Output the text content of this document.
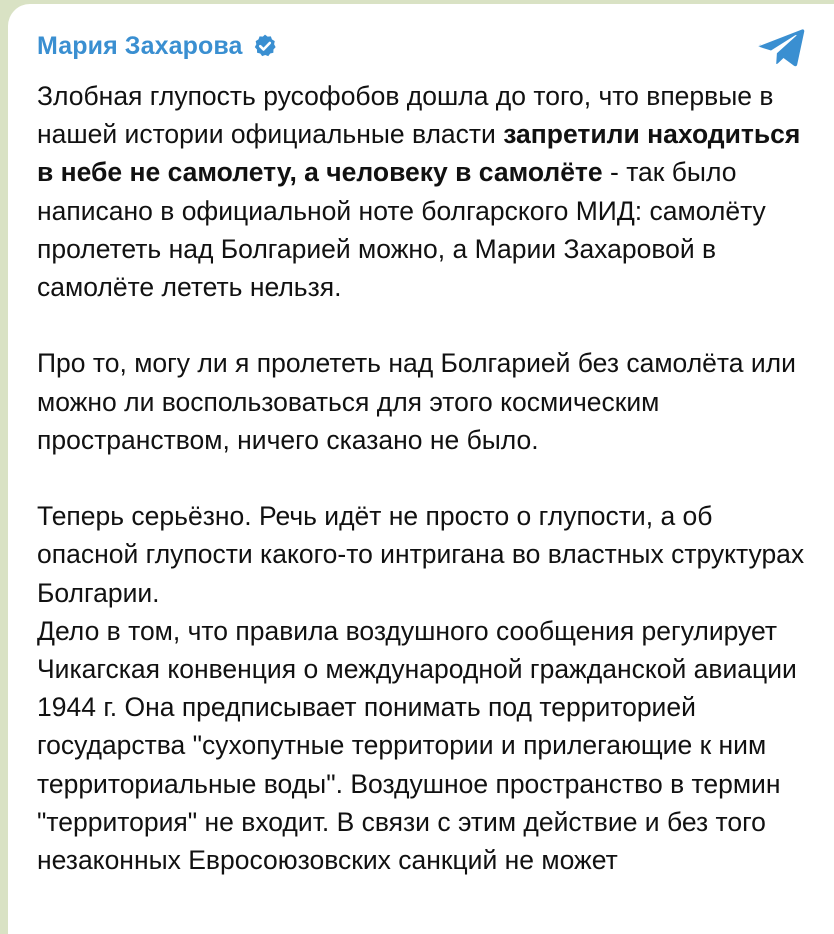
Мария Захарова

Злобная глупость русофобов дошла до того, что впервые в нашей истории официальные власти запретили находиться в небе не самолету, а человеку в самолёте - так было написано в официальной ноте болгарского МИД: самолёту пролететь над Болгарией можно, а Марии Захаровой в самолёте лететь нельзя.

Про то, могу ли я пролететь над Болгарией без самолёта или можно ли воспользоваться для этого космическим пространством, ничего сказано не было.

Теперь серьёзно. Речь идёт не просто о глупости, а об опасной глупости какого-то интригана во властных структурах Болгарии.

Дело в том, что правила воздушного сообщения регулирует Чикагская конвенция о международной гражданской авиации 1944 г. Она предписывает понимать под территорией государства "сухопутные территории и прилегающие к ним территориальные воды". Воздушное пространство в термин "территория" не входит. В связи с этим действие и без того незаконных Евросоюзовских санкций не может
